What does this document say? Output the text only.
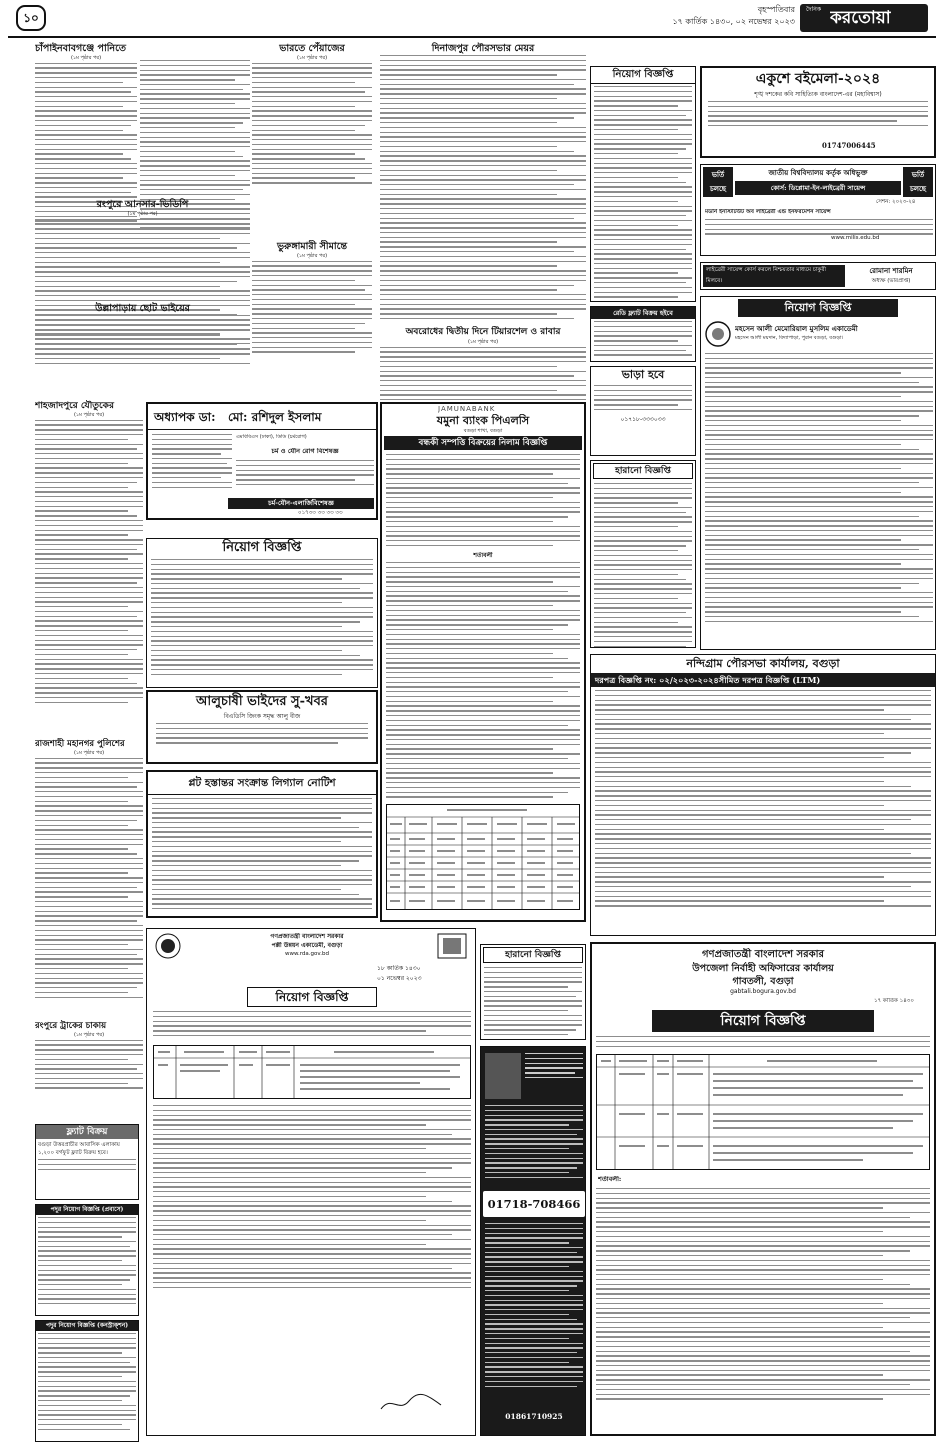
১০
বৃহস্পতিবার
১৭ কার্তিক ১৪৩০, ০২ নভেম্বর ২০২৩
দৈনিক করতোয়া
চাঁপাইনবাবগঞ্জে পানিতে
(১ম পৃষ্ঠার পর)
রংপুরে আনসার-ভিডিপি
(১ম পৃষ্ঠার পর)
উল্লাপাড়ায় ছোট ভাইয়ের
শাহজাদপুরে যৌতুকের
(১ম পৃষ্ঠার পর)
রাজশাহী মহানগর পুলিশের
(১ম পৃষ্ঠার পর)
রংপুরে ট্রাকের চাকায়
(১ম পৃষ্ঠার পর)
ফ্ল্যাট বিক্রয়
বগুড়া উত্তরপ্রাচীর আবাসিক এলাকায় ১,২০০ বর্গফুট ফ্ল্যাট বিক্রয় হবে।
পদুর নিয়োগ বিজ্ঞপ্তি (প্রবাসে)
পদুর নিয়োগ বিজ্ঞপ্তি (কনস্ট্রাক্শন)
ভারতে পেঁয়াজের
(১ম পৃষ্ঠার পর)
ভুরুঙ্গামারী সীমান্তে
(১ম পৃষ্ঠার পর)
অধ্যাপক ডা: মো: রশিদুল ইসলাম
এমবিবিএস (ঢাকা), ডিডি (চর্মরোগ)
চর্ম ও যৌন রোগ বিশেষজ্ঞ
চর্ম-যৌন-এলার্জিবিশেষজ্ঞ
০১৭৩৩ ৩৩ ৩৩ ৩৩
নিয়োগ বিজ্ঞপ্তি
আলুচাষী ভাইদের সু-খবর
বিএডিসি জিংক সমৃদ্ধ আলু বীজ
প্লট হস্তান্তর সংক্রান্ত লিগ্যাল নোটিশ
দিনাজপুর পৌরসভার মেয়র
অবরোধের দ্বিতীয় দিনে টিয়ারশেল ও রাবার
(১ম পৃষ্ঠার পর)
JAMUNABANK
যমুনা ব্যাংক পিএলসি
বগুড়া শাখা, বগুড়া
বন্ধকী সম্পত্তি বিক্রয়ের নিলাম বিজ্ঞপ্তি
শর্তাবলী
নিয়োগ বিজ্ঞপ্তি
রেডি ফ্ল্যাট বিক্রয় হইবে
ভাড়া হবে
০১৭১৮-৩৩৩০৩৩
হারানো বিজ্ঞপ্তি
একুশে বইমেলা-২০২৪
শৃঙ্খ দশকের কবি সাহিত্যিক বাংলাদেশ-এর (মহাবিশ্বাস)
01747006445
ভর্তি চলছে
জাতীয় বিশ্ববিদ্যালয় কর্তৃক অধিভুক্ত
কোর্স: ডিপ্লোমা-ইন-লাইব্রেরী সায়েন্স
ভর্তি চলছে
সেশন: ২০২৩-২৪
মডার্ন ইনস্টিটিউট অব লাইব্রেরী এন্ড ইনফরমেশন সায়েন্স
www.milis.edu.bd
লাইব্রেরী সায়েন্স কোর্স করলে নিশ্চয়তার মাধ্যমে চাকুরী মিলবে।
রোমানা শারমিন
অধ্যক্ষ (ভারপ্রাপ্ত)
নিয়োগ বিজ্ঞপ্তি
মহসেন আলী মেমোরিয়াল মুসলিম একাডেমী
মহসেন আলী ময়দান, বিদ্যাপাড়া, পুরান বগুড়া, বগুড়া।
নন্দিগ্রাম পৌরসভা কার্যালয়, বগুড়া
দরপত্র বিজ্ঞপ্তি নং: ০২/২০২৩-২০২৪সীমিত দরপত্র বিজ্ঞপ্তি (LTM)
গণপ্রজাতন্ত্রী বাংলাদেশ সরকার
পল্লী উন্নয়ন একাডেমী, বগুড়া
www.rda.gov.bd
১৮ কার্তিক ১৪৩০
০১ নভেম্বর ২০২৩
নিয়োগ বিজ্ঞপ্তি
হারানো বিজ্ঞপ্তি
01718-708466
01861710925
গণপ্রজাতন্ত্রী বাংলাদেশ সরকার
উপজেলা নির্বাহী অফিসারের কার্যালয়
গাবতলী, বগুড়া
gabtali.bogura.gov.bd
১৭ কার্তিক ১৪৩০
নিয়োগ বিজ্ঞপ্তি
শর্তাবলী:
